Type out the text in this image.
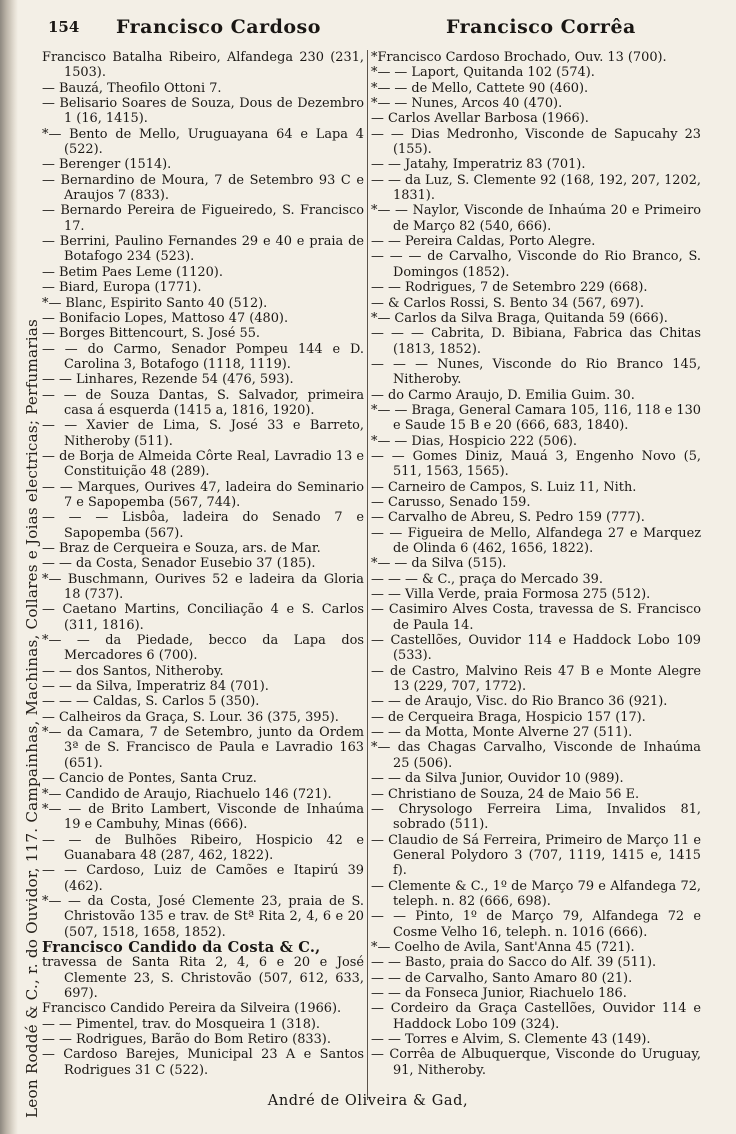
Leon Roddé & C., r. do Ouvidor, 117. Campainhas, Machinas, Collares e Joias electricas; Perfumarias
154 Francisco Cardoso	Francisco Corrêa
Francisco Batalha Ribeiro, Alfandega 230 (231, 1503).
— Bauzá, Theofilo Ottoni 7.
— Belisario Soares de Souza, Dous de Dezembro 1 (16, 1415).
*— Bento de Mello, Uruguayana 64 e Lapa 4 (522).
— Berenger (1514).
— Bernardino de Moura, 7 de Setembro 93 C e Araujos 7 (833).
— Bernardo Pereira de Figueiredo, S. Francisco 17.
— Berrini, Paulino Fernandes 29 e 40 e praia de Botafogo 234 (523).
— Betim Paes Leme (1120).
— Biard, Europa (1771).
*— Blanc, Espirito Santo 40 (512).
— Bonifacio Lopes, Mattoso 47 (480).
— Borges Bittencourt, S. José 55.
— — do Carmo, Senador Pompeu 144 e D. Carolina 3, Botafogo (1118, 1119).
— — Linhares, Rezende 54 (476, 593).
— — de Souza Dantas, S. Salvador, primeira casa á esquerda (1415 a, 1816, 1920).
— — Xavier de Lima, S. José 33 e Barreto, Nitheroby (511).
— de Borja de Almeida Côrte Real, Lavradio 13 e Constituição 48 (289).
— — Marques, Ourives 47, ladeira do Seminario 7 e Sapopemba (567, 744).
— — — Lisbôa, ladeira do Senado 7 e Sapopemba (567).
— Braz de Cerqueira e Souza, ars. de Mar.
— — da Costa, Senador Eusebio 37 (185).
*— Buschmann, Ourives 52 e ladeira da Gloria 18 (737).
— Caetano Martins, Conciliação 4 e S. Carlos (311, 1816).
*— — da Piedade, becco da Lapa dos Mercadores 6 (700).
— — dos Santos, Nitheroby.
— — da Silva, Imperatriz 84 (701).
— — — Caldas, S. Carlos 5 (350).
— Calheiros da Graça, S. Lour. 36 (375, 395).
*— da Camara, 7 de Setembro, junto da Ordem 3ª de S. Francisco de Paula e Lavradio 163 (651).
— Cancio de Pontes, Santa Cruz.
*— Candido de Araujo, Riachuelo 146 (721).
*— — de Brito Lambert, Visconde de Inhaúma 19 e Cambuhy, Minas (666).
— — de Bulhões Ribeiro, Hospicio 42 e Guanabara 48 (287, 462, 1822).
— — Cardoso, Luiz de Camões e Itapirú 39 (462).
*— — da Costa, José Clemente 23, praia de S. Christovão 135 e trav. de Stª Rita 2, 4, 6 e 20 (507, 1518, 1658, 1852).
Francisco Candido da Costa & C.,
travessa de Santa Rita 2, 4, 6 e 20 e José Clemente 23, S. Christovão (507, 612, 633, 697).
Francisco Candido Pereira da Silveira (1966).
— — Pimentel, trav. do Mosqueira 1 (318).
— — Rodrigues, Barão do Bom Retiro (833).
— Cardoso Barejes, Municipal 23 A e Santos Rodrigues 31 C (522).
*Francisco Cardoso Brochado, Ouv. 13 (700).
*— — Laport, Quitanda 102 (574).
*— — de Mello, Cattete 90 (460).
*— — Nunes, Arcos 40 (470).
— Carlos Avellar Barbosa (1966).
— — Dias Medronho, Visconde de Sapucahy 23 (155).
— — Jatahy, Imperatriz 83 (701).
— — da Luz, S. Clemente 92 (168, 192, 207, 1202, 1831).
*— — Naylor, Visconde de Inhaúma 20 e Primeiro de Março 82 (540, 666).
— — Pereira Caldas, Porto Alegre.
— — — de Carvalho, Visconde do Rio Branco, S. Domingos (1852).
— — Rodrigues, 7 de Setembro 229 (668).
— & Carlos Rossi, S. Bento 34 (567, 697).
*— Carlos da Silva Braga, Quitanda 59 (666).
— — — Cabrita, D. Bibiana, Fabrica das Chitas (1813, 1852).
— — — Nunes, Visconde do Rio Branco 145, Nitheroby.
— do Carmo Araujo, D. Emilia Guim. 30.
*— — Braga, General Camara 105, 116, 118 e 130 e Saude 15 B e 20 (666, 683, 1840).
*— — Dias, Hospicio 222 (506).
— — Gomes Diniz, Mauá 3, Engenho Novo (5, 511, 1563, 1565).
— Carneiro de Campos, S. Luiz 11, Nith.
— Carusso, Senado 159.
— Carvalho de Abreu, S. Pedro 159 (777).
— — Figueira de Mello, Alfandega 27 e Marquez de Olinda 6 (462, 1656, 1822).
*— — da Silva (515).
— — — & C., praça do Mercado 39.
— — Villa Verde, praia Formosa 275 (512).
— Casimiro Alves Costa, travessa de S. Francisco de Paula 14.
— Castellões, Ouvidor 114 e Haddock Lobo 109 (533).
— de Castro, Malvino Reis 47 B e Monte Alegre 13 (229, 707, 1772).
— — de Araujo, Visc. do Rio Branco 36 (921).
— de Cerqueira Braga, Hospicio 157 (17).
— — da Motta, Monte Alverne 27 (511).
*— das Chagas Carvalho, Visconde de Inhaúma 25 (506).
— — da Silva Junior, Ouvidor 10 (989).
— Christiano de Souza, 24 de Maio 56 E.
— Chrysologo Ferreira Lima, Invalidos 81, sobrado (511).
— Claudio de Sá Ferreira, Primeiro de Março 11 e General Polydoro 3 (707, 1119, 1415 e, 1415 f).
— Clemente & C., 1º de Março 79 e Alfandega 72, teleph. n. 82 (666, 698).
— — Pinto, 1º de Março 79, Alfandega 72 e Cosme Velho 16, teleph. n. 1016 (666).
*— Coelho de Avila, Sant'Anna 45 (721).
— — Basto, praia do Sacco do Alf. 39 (511).
— — de Carvalho, Santo Amaro 80 (21).
— — da Fonseca Junior, Riachuelo 186.
— Cordeiro da Graça Castellões, Ouvidor 114 e Haddock Lobo 109 (324).
— — Torres e Alvim, S. Clemente 43 (149).
— Corrêa de Albuquerque, Visconde do Uruguay, 91, Nitheroby.
André de Oliveira & Gad,
